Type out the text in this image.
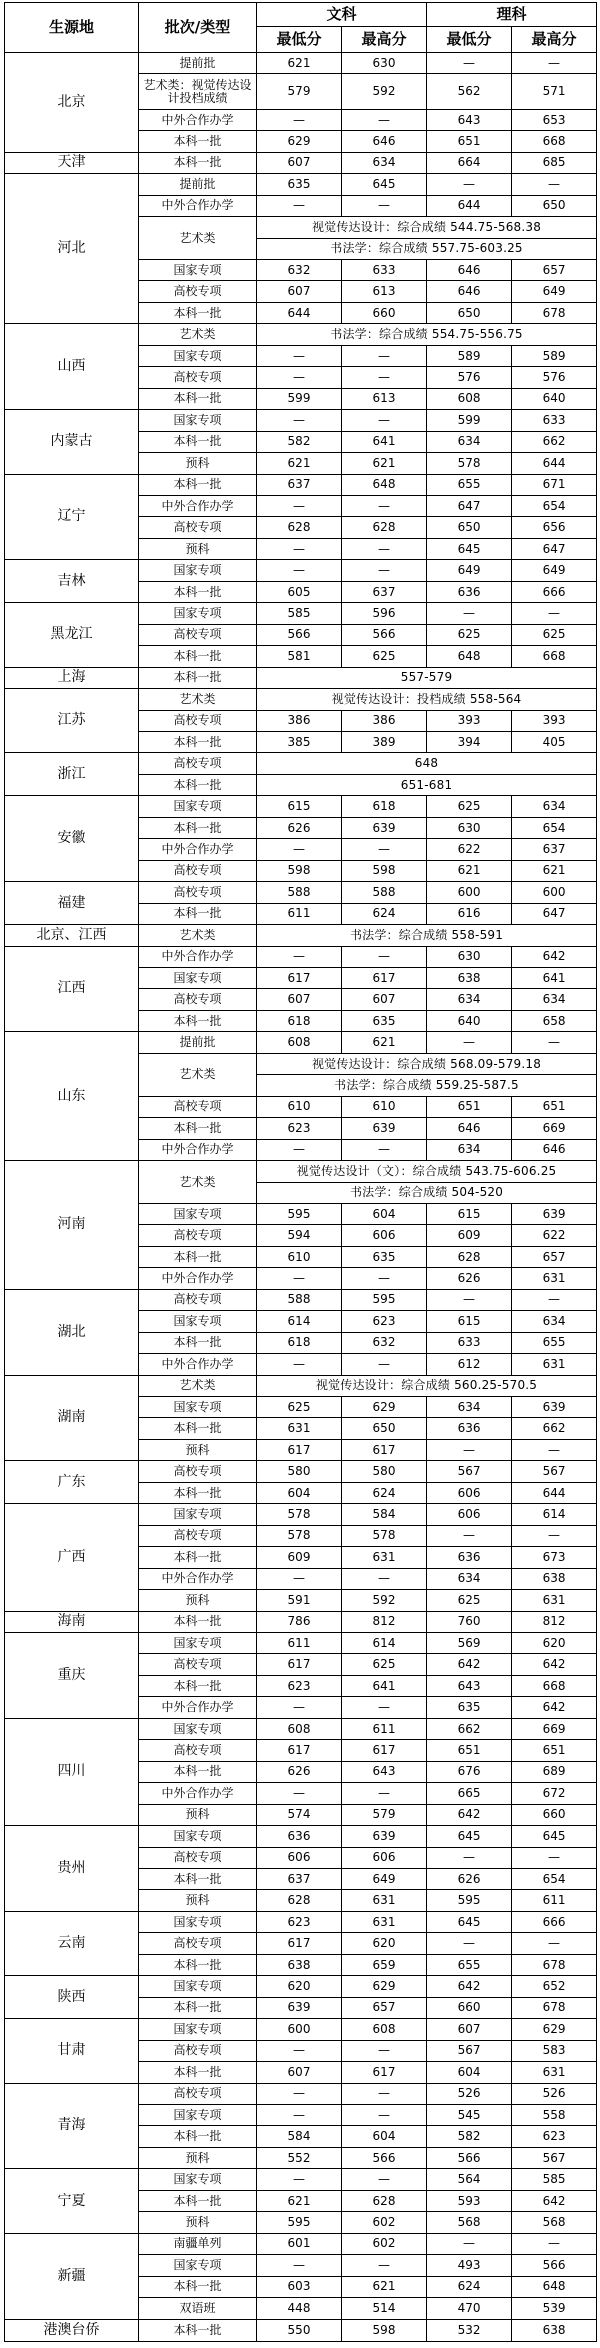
生源地	批次/类型	文科		理科	
		最低分	最高分	最低分	最高分
北京	提前批	621	630	—	—
	艺术类：视觉传达设计投档成绩	579	592	562	571
	中外合作办学	—	—	643	653
	本科一批	629	646	651	668
天津	本科一批	607	634	664	685
河北	提前批	635	645	—	—
	中外合作办学	—	—	644	650
	艺术类	视觉传达设计：综合成绩 544.75-568.38			
		书法学：综合成绩 557.75-603.25			
	国家专项	632	633	646	657
	高校专项	607	613	646	649
	本科一批	644	660	650	678
山西	艺术类	书法学：综合成绩 554.75-556.75			
	国家专项	—	—	589	589
	高校专项	—	—	576	576
	本科一批	599	613	608	640
内蒙古	国家专项	—	—	599	633
	本科一批	582	641	634	662
	预科	621	621	578	644
辽宁	本科一批	637	648	655	671
	中外合作办学	—	—	647	654
	高校专项	628	628	650	656
	预科	—	—	645	647
吉林	国家专项	—	—	649	649
	本科一批	605	637	636	666
黑龙江	国家专项	585	596	—	—
	高校专项	566	566	625	625
	本科一批	581	625	648	668
上海	本科一批	557-579			
江苏	艺术类	视觉传达设计：投档成绩 558-564			
	高校专项	386	386	393	393
	本科一批	385	389	394	405
浙江	高校专项	648			
	本科一批	651-681			
安徽	国家专项	615	618	625	634
	本科一批	626	639	630	654
	中外合作办学	—	—	622	637
	高校专项	598	598	621	621
福建	高校专项	588	588	600	600
	本科一批	611	624	616	647
北京、江西	艺术类	书法学：综合成绩 558-591			
江西	中外合作办学	—	—	630	642
	国家专项	617	617	638	641
	高校专项	607	607	634	634
	本科一批	618	635	640	658
山东	提前批	608	621	—	—
	艺术类	视觉传达设计：综合成绩 568.09-579.18			
		书法学：综合成绩 559.25-587.5			
	高校专项	610	610	651	651
	本科一批	623	639	646	669
	中外合作办学	—	—	634	646
河南	艺术类	视觉传达设计（文）：综合成绩 543.75-606.25			
		书法学：综合成绩 504-520			
	国家专项	595	604	615	639
	高校专项	594	606	609	622
	本科一批	610	635	628	657
	中外合作办学	—	—	626	631
湖北	高校专项	588	595	—	—
	国家专项	614	623	615	634
	本科一批	618	632	633	655
	中外合作办学	—	—	612	631
湖南	艺术类	视觉传达设计：综合成绩 560.25-570.5			
	国家专项	625	629	634	639
	本科一批	631	650	636	662
	预科	617	617	—	—
广东	高校专项	580	580	567	567
	本科一批	604	624	606	644
广西	国家专项	578	584	606	614
	高校专项	578	578	—	—
	本科一批	609	631	636	673
	中外合作办学	—	—	634	638
	预科	591	592	625	631
海南	本科一批	786	812	760	812
重庆	国家专项	611	614	569	620
	高校专项	617	625	642	642
	本科一批	623	641	643	668
	中外合作办学	—	—	635	642
四川	国家专项	608	611	662	669
	高校专项	617	617	651	651
	本科一批	626	643	676	689
	中外合作办学	—	—	665	672
	预科	574	579	642	660
贵州	国家专项	636	639	645	645
	高校专项	606	606	—	—
	本科一批	637	649	626	654
	预科	628	631	595	611
云南	国家专项	623	631	645	666
	高校专项	617	620	—	—
	本科一批	638	659	655	678
陕西	国家专项	620	629	642	652
	本科一批	639	657	660	678
甘肃	国家专项	600	608	607	629
	高校专项	—	—	567	583
	本科一批	607	617	604	631
青海	高校专项	—	—	526	526
	国家专项	—	—	545	558
	本科一批	584	604	582	623
	预科	552	566	566	567
宁夏	国家专项	—	—	564	585
	本科一批	621	628	593	642
	预科	595	602	568	568
新疆	南疆单列	601	602	—	—
	国家专项	—	—	493	566
	本科一批	603	621	624	648
	双语班	448	514	470	539
港澳台侨	本科一批	550	598	532	638
